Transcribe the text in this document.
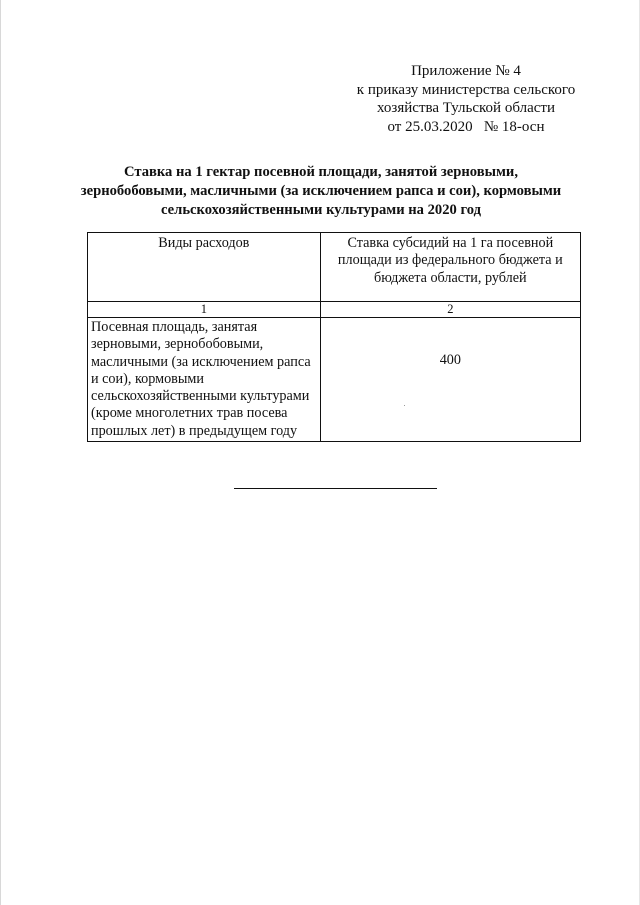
Приложение № 4
к приказу министерства сельского
хозяйства Тульской области
от 25.03.2020   № 18-осн
Ставка на 1 гектар посевной площади, занятой зерновыми,
зернобобовыми, масличными (за исключением рапса и сои), кормовыми
сельскохозяйственными культурами на 2020 год
Виды расходов	Ставка субсидий на 1 га посевной площади из федерального бюджета и бюджета области, рублей
1	2
Посевная площадь, занятая зерновыми, зернобобовыми, масличными (за исключением рапса и сои), кормовыми сельскохозяйственными культурами (кроме многолетних трав посева прошлых лет) в предыдущем году	400
